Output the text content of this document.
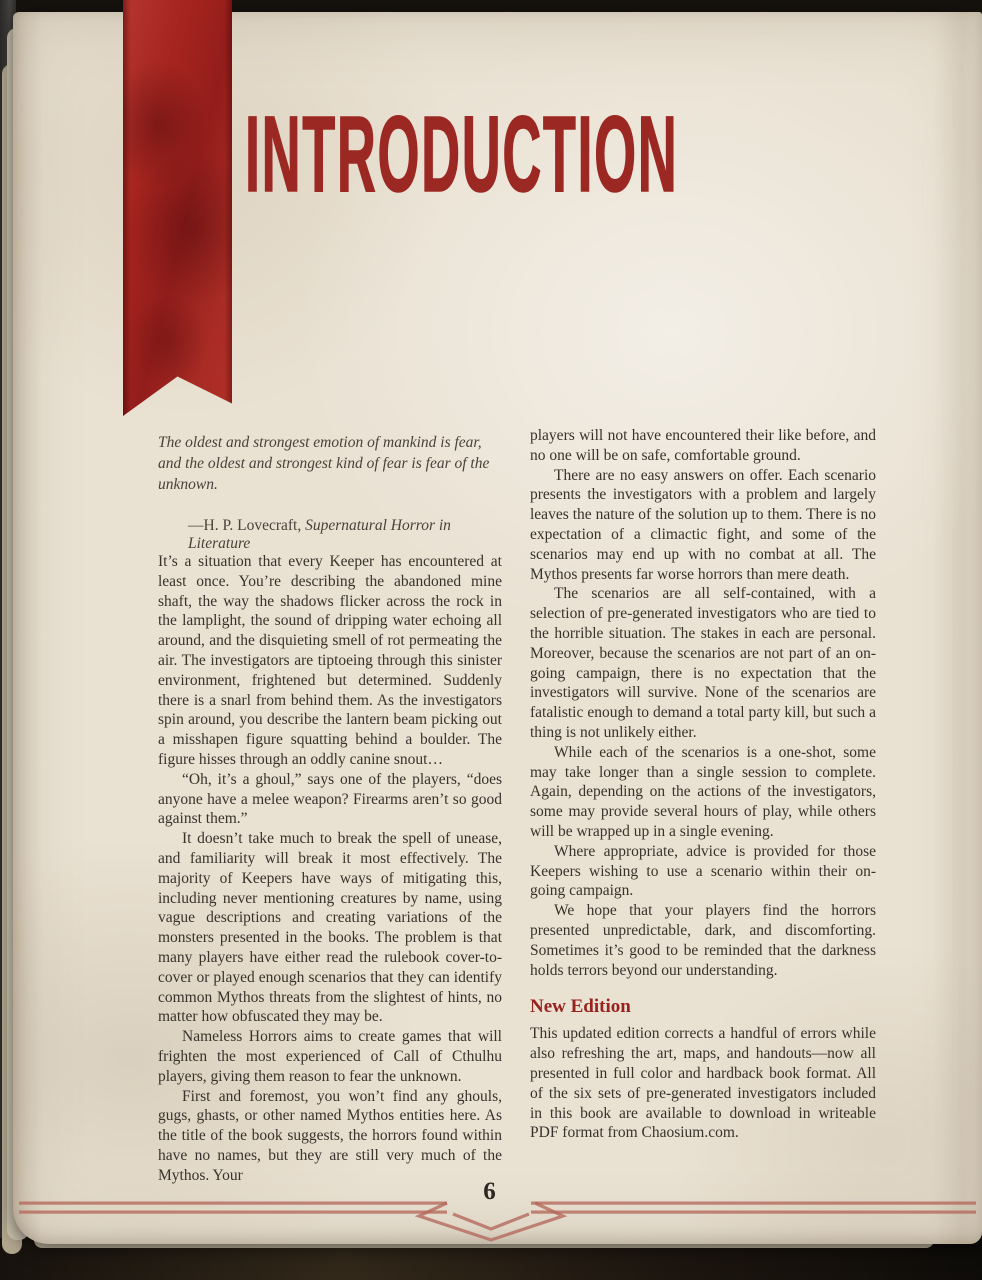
INTRODUCTION

The oldest and strongest emotion of mankind is fear, and the oldest and strongest kind of fear is fear of the unknown.

—H. P. Lovecraft, Supernatural Horror in Literature

It’s a situation that every Keeper has encountered at least once. You’re describing the abandoned mine shaft, the way the shadows flicker across the rock in the lamplight, the sound of dripping water echoing all around, and the disquieting smell of rot permeating the air. The investigators are tiptoeing through this sinister environment, frightened but determined. Suddenly there is a snarl from behind them. As the investigators spin around, you describe the lantern beam picking out a misshapen figure squatting behind a boulder. The figure hisses through an oddly canine snout…

“Oh, it’s a ghoul,” says one of the players, “does anyone have a melee weapon? Firearms aren’t so good against them.”

It doesn’t take much to break the spell of unease, and familiarity will break it most effectively. The majority of Keepers have ways of mitigating this, including never mentioning creatures by name, using vague descriptions and creating variations of the monsters presented in the books. The problem is that many players have either read the rulebook cover-to-cover or played enough scenarios that they can identify common Mythos threats from the slightest of hints, no matter how obfuscated they may be.

Nameless Horrors aims to create games that will frighten the most experienced of Call of Cthulhu players, giving them reason to fear the unknown.

First and foremost, you won’t find any ghouls, gugs, ghasts, or other named Mythos entities here. As the title of the book suggests, the horrors found within have no names, but they are still very much of the Mythos. Your

players will not have encountered their like before, and no one will be on safe, comfortable ground.

There are no easy answers on offer. Each scenario presents the investigators with a problem and largely leaves the nature of the solution up to them. There is no expectation of a climactic fight, and some of the scenarios may end up with no combat at all. The Mythos presents far worse horrors than mere death.

The scenarios are all self-contained, with a selection of pre-generated investigators who are tied to the horrible situation. The stakes in each are personal. Moreover, because the scenarios are not part of an on-going campaign, there is no expectation that the investigators will survive. None of the scenarios are fatalistic enough to demand a total party kill, but such a thing is not unlikely either.

While each of the scenarios is a one-shot, some may take longer than a single session to complete. Again, depending on the actions of the investigators, some may provide several hours of play, while others will be wrapped up in a single evening.

Where appropriate, advice is provided for those Keepers wishing to use a scenario within their on-going campaign.

We hope that your players find the horrors presented unpredictable, dark, and discomforting. Sometimes it’s good to be reminded that the darkness holds terrors beyond our understanding.

New Edition

This updated edition corrects a handful of errors while also refreshing the art, maps, and handouts—now all presented in full color and hardback book format. All of the six sets of pre-generated investigators included in this book are available to download in writeable PDF format from Chaosium.com.

6
